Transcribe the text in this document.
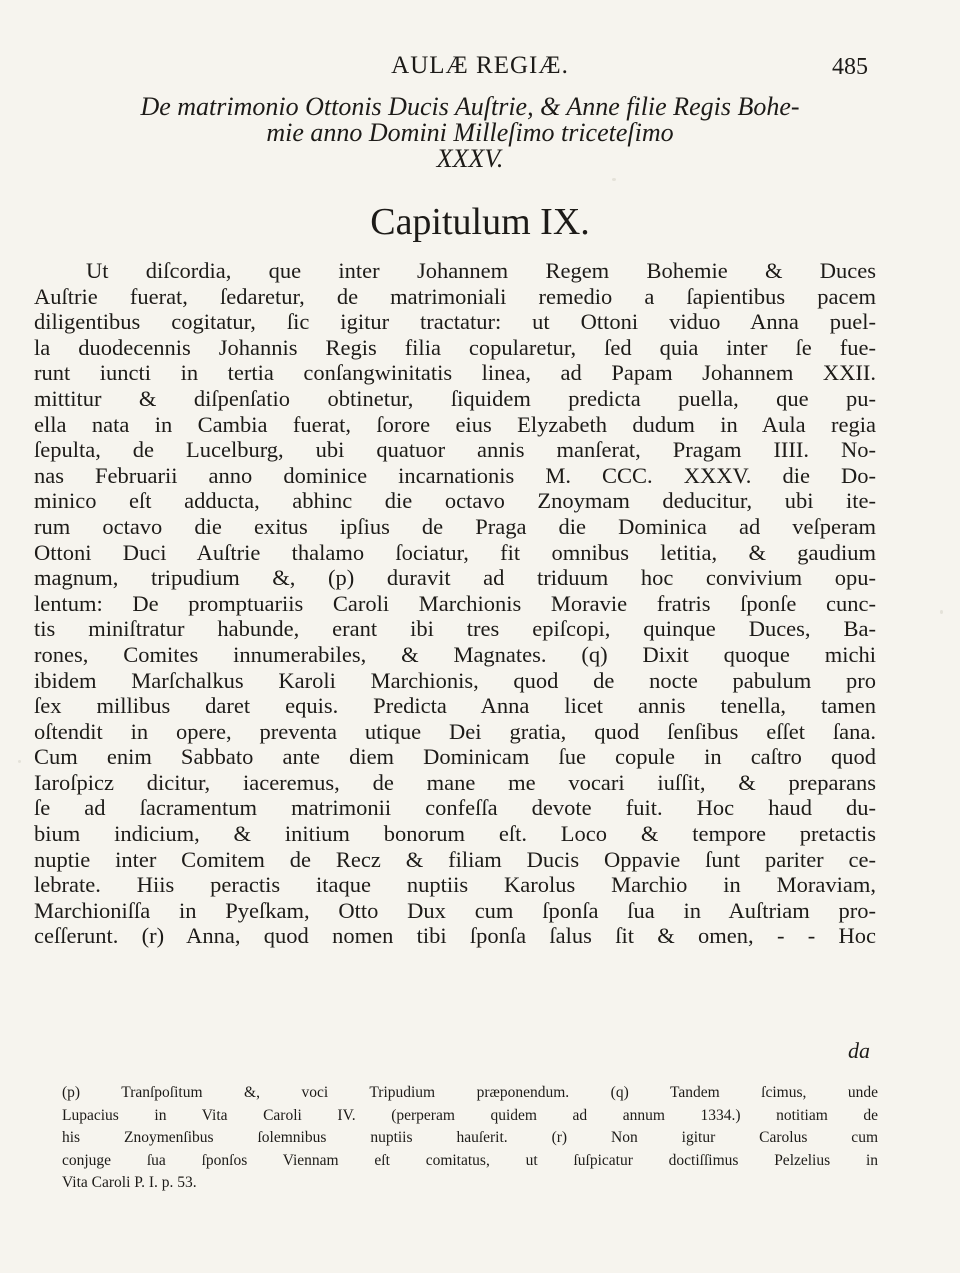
AULÆ REGIÆ.	485
De matrimonio Ottonis Ducis Auſtrie, & Anne filie Regis Bohe-
mie anno Domini Milleſimo triceteſimo
XXXV.
Capitulum IX.
Ut diſcordia, que inter Johannem Regem Bohemie & Duces
Auſtrie fuerat, ſedaretur, de matrimoniali remedio a ſapientibus pacem
diligentibus cogitatur, ſic igitur tractatur: ut Ottoni viduo Anna puel-
la duodecennis Johannis Regis filia copularetur, ſed quia inter ſe fue-
runt iuncti in tertia conſangwinitatis linea, ad Papam Johannem XXII.
mittitur & diſpenſatio obtinetur, ſiquidem predicta puella, que pu-
ella nata in Cambia fuerat, ſorore eius Elyzabeth dudum in Aula regia
ſepulta, de Lucelburg, ubi quatuor annis manſerat, Pragam IIII. No-
nas Februarii anno dominice incarnationis M. CCC. XXXV. die Do-
minico eſt adducta, abhinc die octavo Znoymam deducitur, ubi ite-
rum octavo die exitus ipſius de Praga die Dominica ad veſperam
Ottoni Duci Auſtrie thalamo ſociatur, fit omnibus letitia, & gaudium
magnum, tripudium &, (p) duravit ad triduum hoc convivium opu-
lentum: De promptuariis Caroli Marchionis Moravie fratris ſponſe cunc-
tis miniſtratur habunde, erant ibi tres epiſcopi, quinque Duces, Ba-
rones, Comites innumerabiles, & Magnates. (q) Dixit quoque michi
ibidem Marſchalkus Karoli Marchionis, quod de nocte pabulum pro
ſex millibus daret equis. Predicta Anna licet annis tenella, tamen
oſtendit in opere, preventa utique Dei gratia, quod ſenſibus eſſet ſana.
Cum enim Sabbato ante diem Dominicam ſue copule in caſtro quod
Iaroſpicz dicitur, iaceremus, de mane me vocari iuſſit, & preparans
ſe ad ſacramentum matrimonii confeſſa devote fuit. Hoc haud du-
bium indicium, & initium bonorum eſt. Loco & tempore pretactis
nuptie inter Comitem de Recz & filiam Ducis Oppavie ſunt pariter ce-
lebrate. Hiis peractis itaque nuptiis Karolus Marchio in Moraviam,
Marchioniſſa in Pyeſkam, Otto Dux cum ſponſa ſua in Auſtriam pro-
ceſſerunt. (r) Anna, quod nomen tibi ſponſa ſalus ſit & omen, - - Hoc
da
(p) Tranſpoſitum &, voci Tripudium præponendum. (q) Tandem ſcimus, unde
Lupacius in Vita Caroli IV. (perperam quidem ad annum 1334.) notitiam de
his Znoymenſibus ſolemnibus nuptiis hauſerit. (r) Non igitur Carolus cum
conjuge ſua ſponſos Viennam eſt comitatus, ut ſuſpicatur doctiſſimus Pelzelius in
Vita Caroli P. I. p. 53.
